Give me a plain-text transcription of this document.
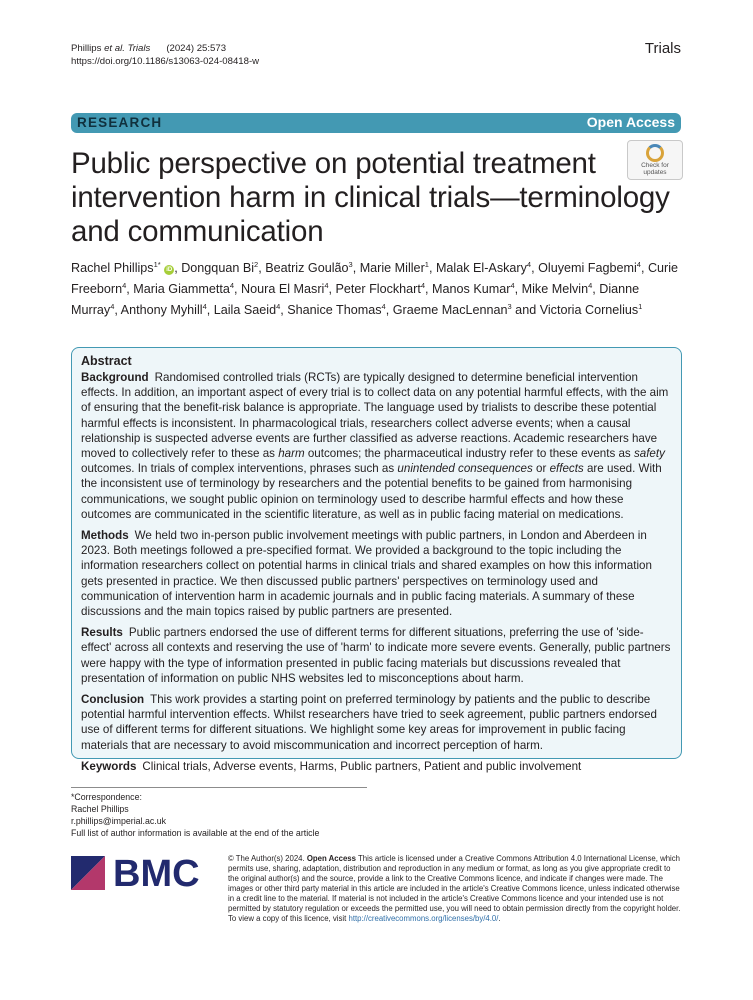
Phillips et al. Trials (2024) 25:573
https://doi.org/10.1186/s13063-024-08418-w
Trials
RESEARCH	Open Access
Check for
updates
Public perspective on potential treatment intervention harm in clinical trials—terminology and communication
Rachel Phillips$^{1*}$ iD , Dongquan Bi$^2$, Beatriz Goulão$^3$, Marie Miller$^1$, Malak El-Askary$^4$, Oluyemi Fagbemi$^4$, Curie Freeborn$^4$, Maria Giammetta$^4$, Noura El Masri$^4$, Peter Flockhart$^4$, Manos Kumar$^4$, Mike Melvin$^4$, Dianne Murray$^4$, Anthony Myhill$^4$, Laila Saeid$^4$, Shanice Thomas$^4$, Graeme MacLennan$^3$ and Victoria Cornelius$^1$
Abstract

Background Randomised controlled trials (RCTs) are typically designed to determine beneficial intervention effects. In addition, an important aspect of every trial is to collect data on any potential harmful effects, with the aim of ensuring that the benefit-risk balance is appropriate. The language used by trialists to describe these potential harmful effects is inconsistent. In pharmacological trials, researchers collect adverse events; when a causal relationship is suspected adverse events are further classified as adverse reactions. Academic researchers have moved to collectively refer to these as harm outcomes; the pharmaceutical industry refer to these events as safety outcomes. In trials of complex interventions, phrases such as unintended consequences or effects are used. With the inconsistent use of terminology by researchers and the potential benefits to be gained from harmonising communications, we sought public opinion on terminology used to describe harmful effects and how these outcomes are communicated in the scientific literature, as well as in public facing material on medications.

Methods We held two in-person public involvement meetings with public partners, in London and Aberdeen in 2023. Both meetings followed a pre-specified format. We provided a background to the topic including the information researchers collect on potential harms in clinical trials and shared examples on how this information gets presented in practice. We then discussed public partners' perspectives on terminology used and communication of intervention harm in academic journals and in public facing materials. A summary of these discussions and the main topics raised by public partners are presented.

Results Public partners endorsed the use of different terms for different situations, preferring the use of 'side-effect' across all contexts and reserving the use of 'harm' to indicate more severe events. Generally, public partners were happy with the type of information presented in public facing materials but discussions revealed that presentation of information on public NHS websites led to misconceptions about harm.

Conclusion This work provides a starting point on preferred terminology by patients and the public to describe potential harmful intervention effects. Whilst researchers have tried to seek agreement, public partners endorsed use of different terms for different situations. We highlight some key areas for improvement in public facing materials that are necessary to avoid miscommunication and incorrect perception of harm.

Keywords Clinical trials, Adverse events, Harms, Public partners, Patient and public involvement

*Correspondence:
Rachel Phillips
r.phillips@imperial.ac.uk
Full list of author information is available at the end of the article
BMC	© The Author(s) 2024. Open Access This article is licensed under a Creative Commons Attribution 4.0 International License, which permits use, sharing, adaptation, distribution and reproduction in any medium or format, as long as you give appropriate credit to the original author(s) and the source, provide a link to the Creative Commons licence, and indicate if changes were made. The images or other third party material in this article are included in the article's Creative Commons licence, unless indicated otherwise in a credit line to the material. If material is not included in the article's Creative Commons licence and your intended use is not permitted by statutory regulation or exceeds the permitted use, you will need to obtain permission directly from the copyright holder. To view a copy of this licence, visit http://creativecommons.org/licenses/by/4.0/.
